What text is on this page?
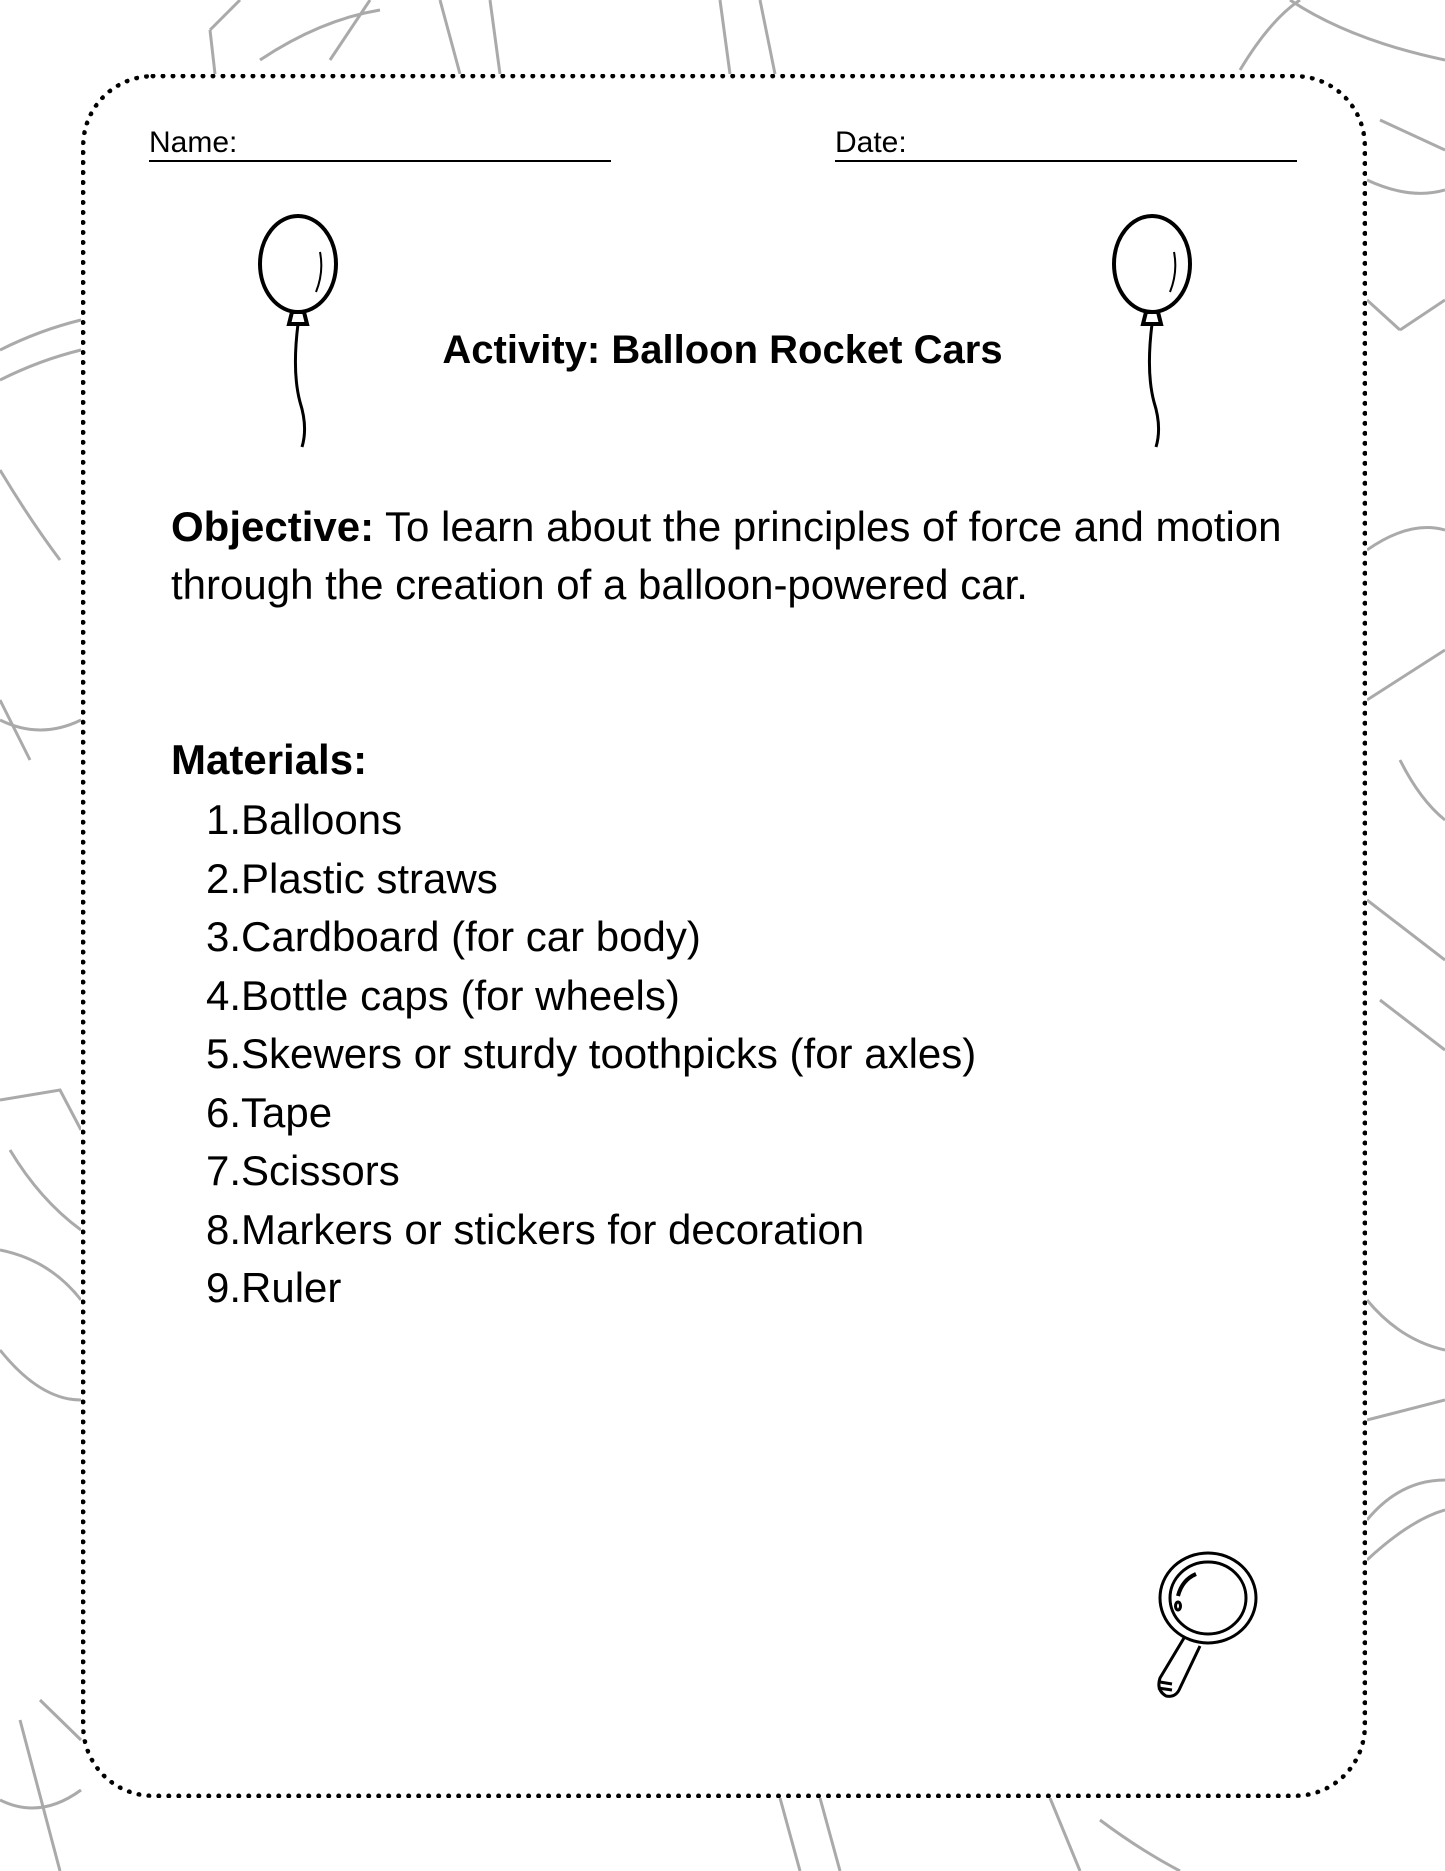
Name:	Date:
Activity: Balloon Rocket Cars
Objective: To learn about the principles of force and motion through the creation of a balloon-powered car.
Materials:
1. Balloons
2. Plastic straws
3. Cardboard (for car body)
4. Bottle caps (for wheels)
5. Skewers or sturdy toothpicks (for axles)
6. Tape
7. Scissors
8. Markers or stickers for decoration
9. Ruler
